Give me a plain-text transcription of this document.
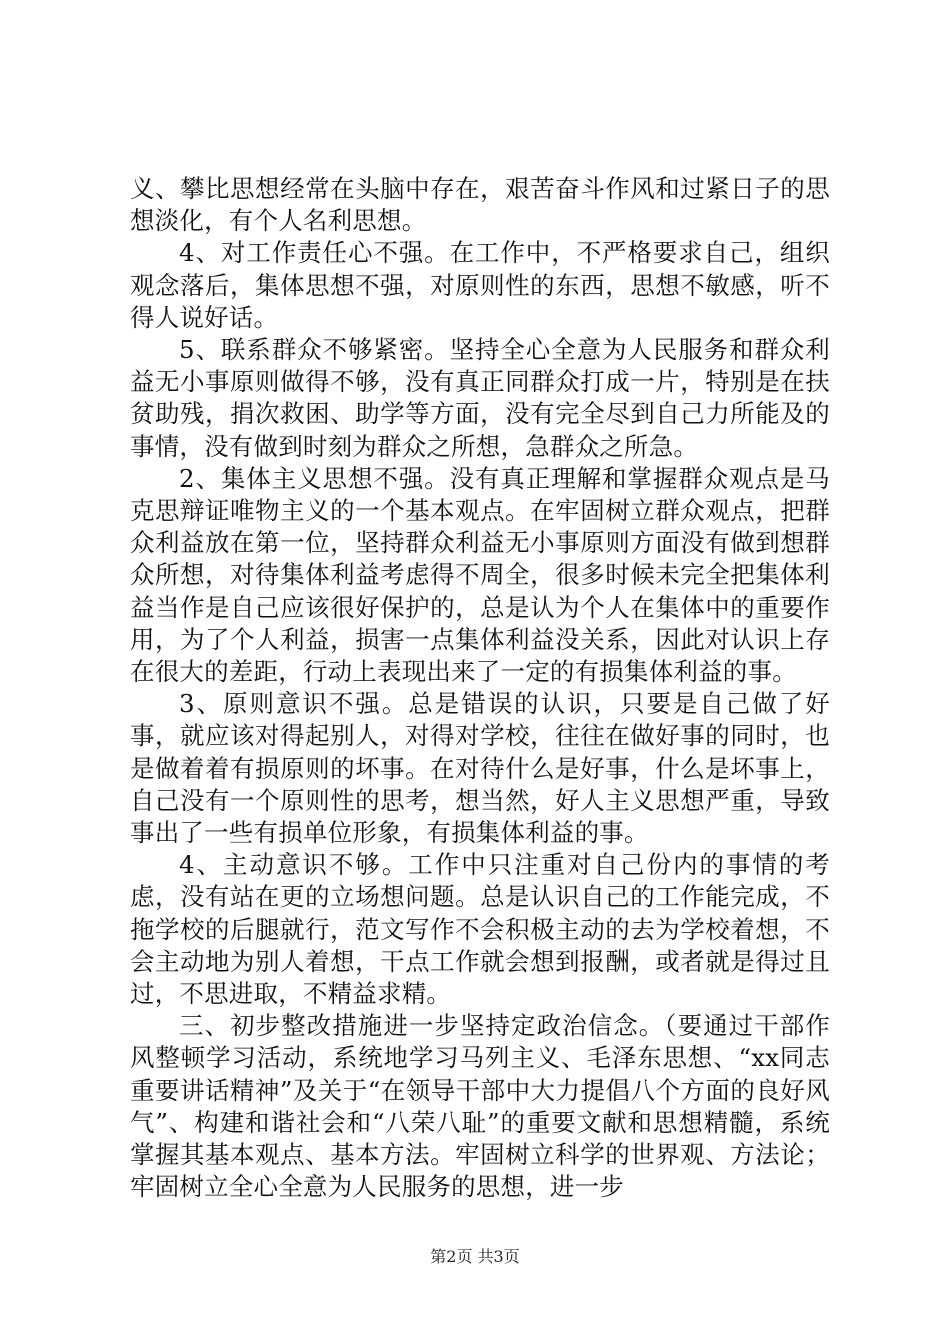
义、攀比思想经常在头脑中存在，艰苦奋斗作风和过紧日子的思想淡化，有个人名利思想。

4、对工作责任心不强。在工作中，不严格要求自己，组织观念落后，集体思想不强，对原则性的东西，思想不敏感，听不得人说好话。

5、联系群众不够紧密。坚持全心全意为人民服务和群众利益无小事原则做得不够，没有真正同群众打成一片，特别是在扶贫助残，捐次救困、助学等方面，没有完全尽到自己力所能及的事情，没有做到时刻为群众之所想，急群众之所急。

2、集体主义思想不强。没有真正理解和掌握群众观点是马克思辩证唯物主义的一个基本观点。在牢固树立群众观点，把群众利益放在第一位，坚持群众利益无小事原则方面没有做到想群众所想，对待集体利益考虑得不周全，很多时候未完全把集体利益当作是自己应该很好保护的，总是认为个人在集体中的重要作用，为了个人利益，损害一点集体利益没关系，因此对认识上存在很大的差距，行动上表现出来了一定的有损集体利益的事。

3、原则意识不强。总是错误的认识，只要是自己做了好事，就应该对得起别人，对得对学校，往往在做好事的同时，也是做着着有损原则的坏事。在对待什么是好事，什么是坏事上，自己没有一个原则性的思考，想当然，好人主义思想严重，导致事出了一些有损单位形象，有损集体利益的事。

4、主动意识不够。工作中只注重对自己份内的事情的考虑，没有站在更的立场想问题。总是认识自己的工作能完成，不拖学校的后腿就行，范文写作不会积极主动的去为学校着想，不会主动地为别人着想，干点工作就会想到报酬，或者就是得过且过，不思进取，不精益求精。

三、初步整改措施进一步坚持定政治信念。（要通过干部作风整顿学习活动，系统地学习马列主义、毛泽东思想、“xx同志重要讲话精神”及关于“在领导干部中大力提倡八个方面的良好风气”、构建和谐社会和“八荣八耻”的重要文献和思想精髓，系统掌握其基本观点、基本方法。牢固树立科学的世界观、方法论；牢固树立全心全意为人民服务的思想，进一步

第2页 共3页
